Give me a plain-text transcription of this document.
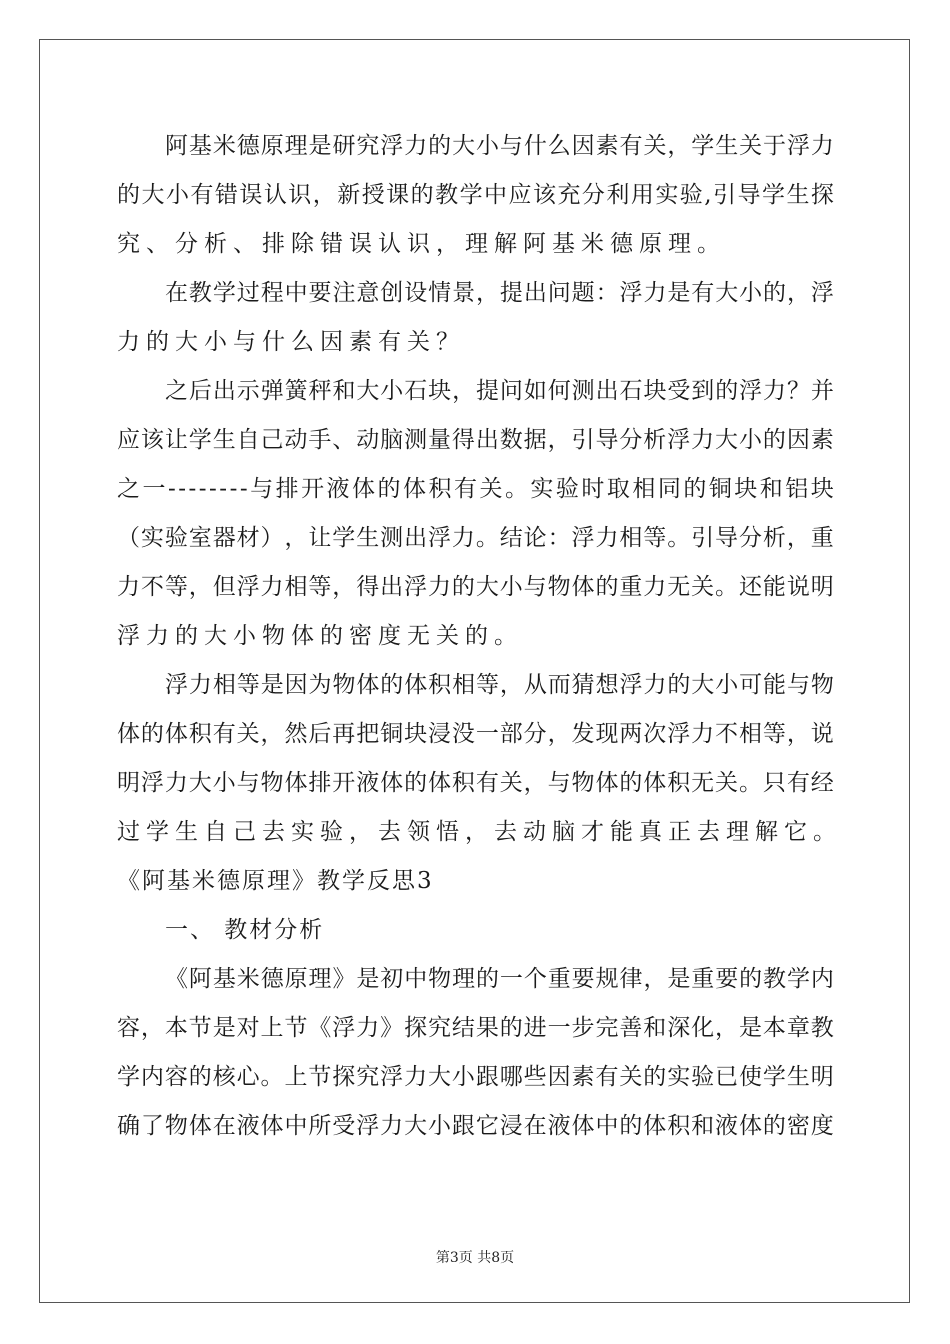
阿 基 米 德 原 理 是 研 究 浮 力 的 大 小 与 什 么 因 素 有 关 ， 学 生 关 于 浮 力
的 大 小 有 错 误 认 识 ， 新 授 课 的 教 学 中 应 该 充 分 利 用 实 验 , 引 导 学 生 探
究、分析、排除错误认识，理解阿基米德原理。
在 教 学 过 程 中 要 注 意 创 设 情 景 ， 提 出 问 题 ： 浮 力 是 有 大 小 的 ， 浮
力的大小与什么因素有关？
之 后 出 示 弹 簧 秤 和 大 小 石 块 ， 提 问 如 何 测 出 石 块 受 到 的 浮 力 ？ 并
应 该 让 学 生 自 己 动 手 、 动 脑 测 量 得 出 数 据 ， 引 导 分 析 浮 力 大 小 的 因 素
之 一 - - - - - - - - 与 排 开 液 体 的 体 积 有 关 。 实 验 时 取 相 同 的 铜 块 和 铝 块
（ 实 验 室 器 材 ） ， 让 学 生 测 出 浮 力 。 结 论 ： 浮 力 相 等 。 引 导 分 析 ， 重
力 不 等 ， 但 浮 力 相 等 ， 得 出 浮 力 的 大 小 与 物 体 的 重 力 无 关 。 还 能 说 明
浮力的大小物体的密度无关的。
浮 力 相 等 是 因 为 物 体 的 体 积 相 等 ， 从 而 猜 想 浮 力 的 大 小 可 能 与 物
体 的 体 积 有 关 ， 然 后 再 把 铜 块 浸 没 一 部 分 ， 发 现 两 次 浮 力 不 相 等 ， 说
明 浮 力 大 小 与 物 体 排 开 液 体 的 体 积 有 关 ， 与 物 体 的 体 积 无 关 。 只 有 经
过学生自己去实验，去领悟，去动脑才能真正去理解它。
《阿基米德原理》教学反思3
一、 教材分析
《 阿 基 米 德 原 理 》 是 初 中 物 理 的 一 个 重 要 规 律 ， 是 重 要 的 教 学 内
容 ， 本 节 是 对 上 节 《 浮 力 》 探 究 结 果 的 进 一 步 完 善 和 深 化 ， 是 本 章 教
学 内 容 的 核 心 。 上 节 探 究 浮 力 大 小 跟 哪 些 因 素 有 关 的 实 验 已 使 学 生 明
确 了 物 体 在 液 体 中 所 受 浮 力 大 小 跟 它 浸 在 液 体 中 的 体 积 和 液 体 的 密 度
第3页 共8页
